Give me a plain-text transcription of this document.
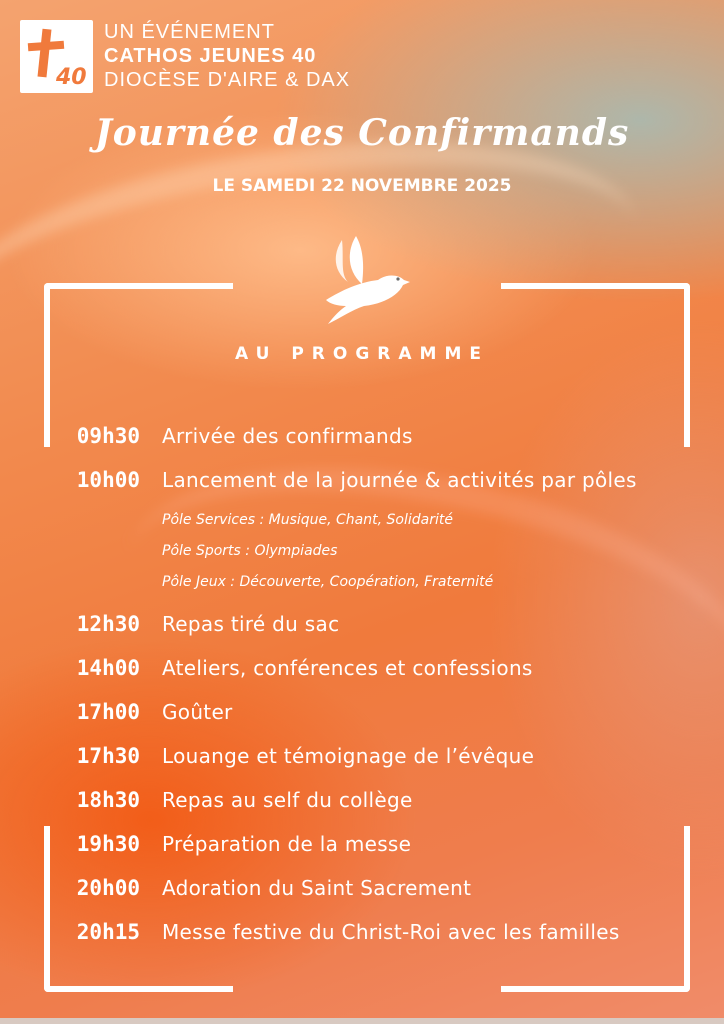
40
UN ÉVÉNEMENT
CATHOS JEUNES 40
DIOCÈSE D'AIRE & DAX
Journée des Confirmands
LE SAMEDI 22 NOVEMBRE 2025
AU PROGRAMME
09h30 Arrivée des confirmands
10h00 Lancement de la journée & activités par pôles
Pôle Services : Musique, Chant, Solidarité
Pôle Sports : Olympiades
Pôle Jeux : Découverte, Coopération, Fraternité
12h30 Repas tiré du sac
14h00 Ateliers, conférences et confessions
17h00 Goûter
17h30 Louange et témoignage de l’évêque
18h30 Repas au self du collège
19h30 Préparation de la messe
20h00 Adoration du Saint Sacrement
20h15 Messe festive du Christ-Roi avec les familles
